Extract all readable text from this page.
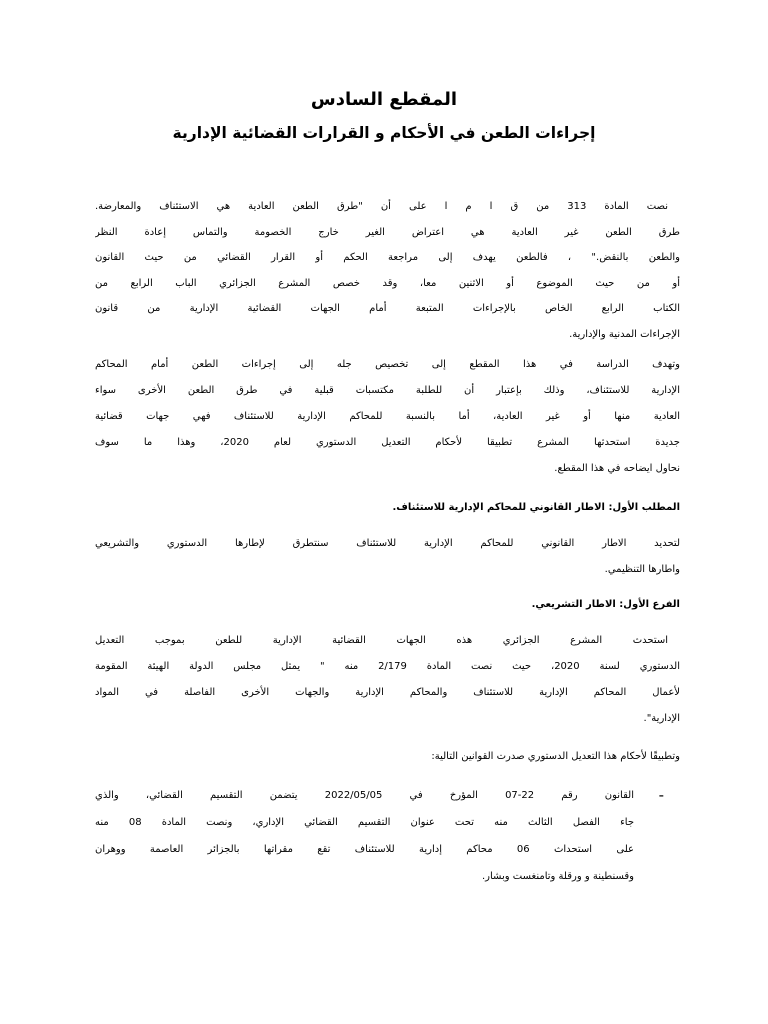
المقطع السادس
إجراءات الطعن في الأحكام و القرارات القضائية الإدارية
نصت المادة 313 من ق ا م ا على أن "طرق الطعن العادية هي الاستئناف والمعارضة.
طرق الطعن غير العادية هي اعتراض الغير خارج الخصومة والتماس إعادة النظر
والطعن بالنقض." ، فالطعن يهدف إلى مراجعة الحكم أو القرار القضائي من حيث القانون
أو من حيث الموضوع أو الاثنين معا، وقد خصص المشرع الجزائري الباب الرابع من
الكتاب الرابع الخاص بالإجراءات المتبعة أمام الجهات القضائية الإدارية من قانون
الإجراءات المدنية والإدارية.
وتهدف الدراسة في هذا المقطع إلى تخصيص جله إلى إجراءات الطعن أمام المحاكم
الإدارية للاستئناف، وذلك بإعتبار أن للطلبة مكتسبات قبلية في طرق الطعن الأخرى سواء
العادية منها أو غير العادية، أما بالنسبة للمحاكم الإدارية للاستئناف فهي جهات قضائية
جديدة استحدثها المشرع تطبيقا لأحكام التعديل الدستوري لعام 2020، وهذا ما سوف
نحاول ايضاحه في هذا المقطع.
المطلب الأول: الاطار القانوني للمحاكم الإدارية للاستئناف.
لتحديد الاطار القانوني للمحاكم الإدارية للاستئناف سنتطرق لإطارها الدستوري والتشريعي
واطارها التنظيمي.
الفرع الأول: الاطار التشريعي.
استحدث المشرع الجزائري هذه الجهات القضائية الإدارية للطعن بموجب التعديل
الدستوري لسنة 2020، حيث نصت المادة 2/179 منه " يمثل مجلس الدولة الهيئة المقومة
لأعمال المحاكم الإدارية للاستئناف والمحاكم الإدارية والجهات الأخرى الفاصلة في المواد
الإدارية".
وتطبيقًا لأحكام هذا التعديل الدستوري صدرت القوانين التالية:
-
القانون رقم 22-07 المؤرخ في 2022/05/05 يتضمن التقسيم القضائي، والذي
جاء الفصل الثالث منه تحت عنوان التقسيم القضائي الإداري، ونصت المادة 08 منه
على استحداث 06 محاكم إدارية للاستئناف تقع مقراتها بالجزائر العاصمة ووهران
وقسنطينة و ورقلة وتامنغست وبشار.
